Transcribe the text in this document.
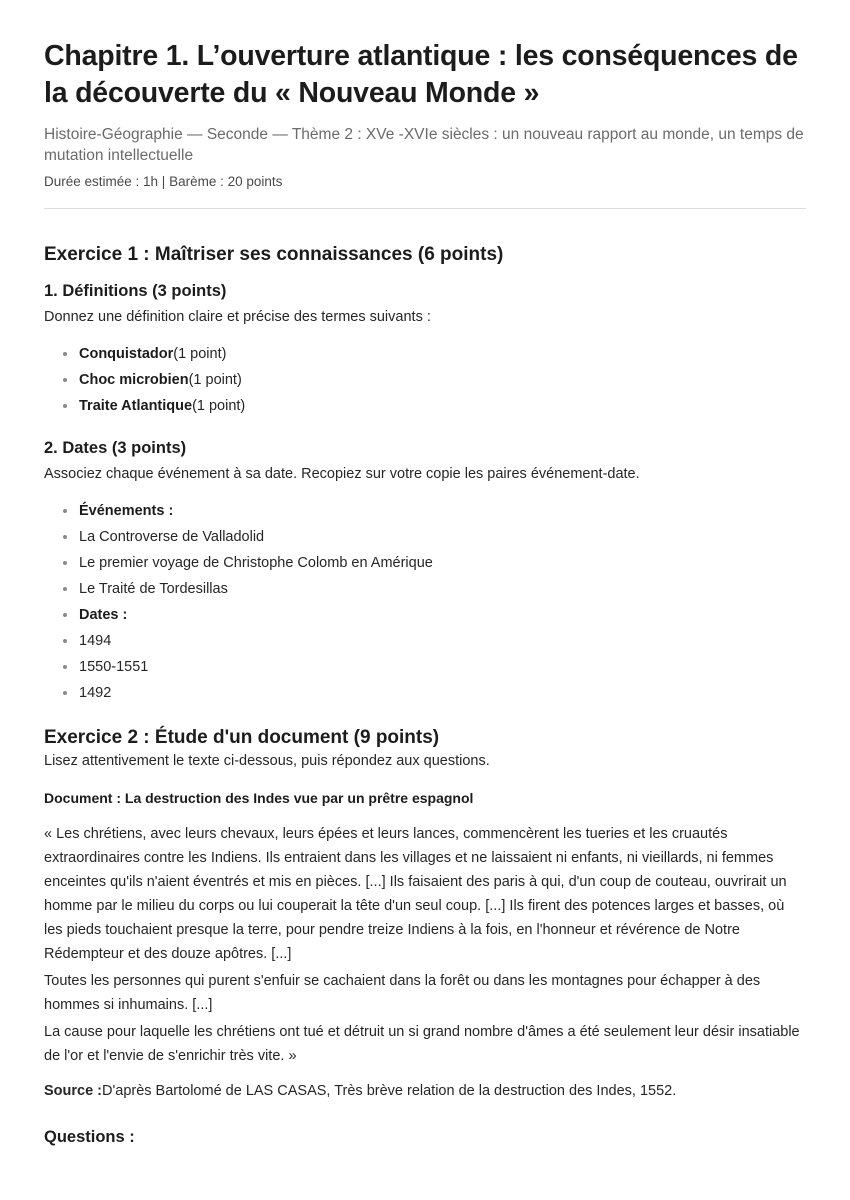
Chapitre 1. L’ouverture atlantique : les conséquences de la découverte du « Nouveau Monde »

Histoire-Géographie — Seconde — Thème 2 : XVe -XVIe siècles : un nouveau rapport au monde, un temps de mutation intellectuelle

Durée estimée : 1h | Barème : 20 points

Exercice 1 : Maîtriser ses connaissances (6 points)
1. Définitions (3 points)

Donnez une définition claire et précise des termes suivants :

Conquistador(1 point)
Choc microbien(1 point)
Traite Atlantique(1 point)
2. Dates (3 points)

Associez chaque événement à sa date. Recopiez sur votre copie les paires événement-date.

Événements :
La Controverse de Valladolid
Le premier voyage de Christophe Colomb en Amérique
Le Traité de Tordesillas
Dates :
1494
1550-1551
1492
Exercice 2 : Étude d'un document (9 points)

Lisez attentivement le texte ci-dessous, puis répondez aux questions.

Document : La destruction des Indes vue par un prêtre espagnol

« Les chrétiens, avec leurs chevaux, leurs épées et leurs lances, commencèrent les tueries et les cruautés extraordinaires contre les Indiens. Ils entraient dans les villages et ne laissaient ni enfants, ni vieillards, ni femmes enceintes qu'ils n'aient éventrés et mis en pièces. [...] Ils faisaient des paris à qui, d'un coup de couteau, ouvrirait un homme par le milieu du corps ou lui couperait la tête d'un seul coup. [...] Ils firent des potences larges et basses, où les pieds touchaient presque la terre, pour pendre treize Indiens à la fois, en l'honneur et révérence de Notre Rédempteur et des douze apôtres. [...]

Toutes les personnes qui purent s'enfuir se cachaient dans la forêt ou dans les montagnes pour échapper à des hommes si inhumains. [...]

La cause pour laquelle les chrétiens ont tué et détruit un si grand nombre d'âmes a été seulement leur désir insatiable de l'or et l'envie de s'enrichir très vite. »

Source :D'après Bartolomé de LAS CASAS, Très brève relation de la destruction des Indes, 1552.

Questions :
